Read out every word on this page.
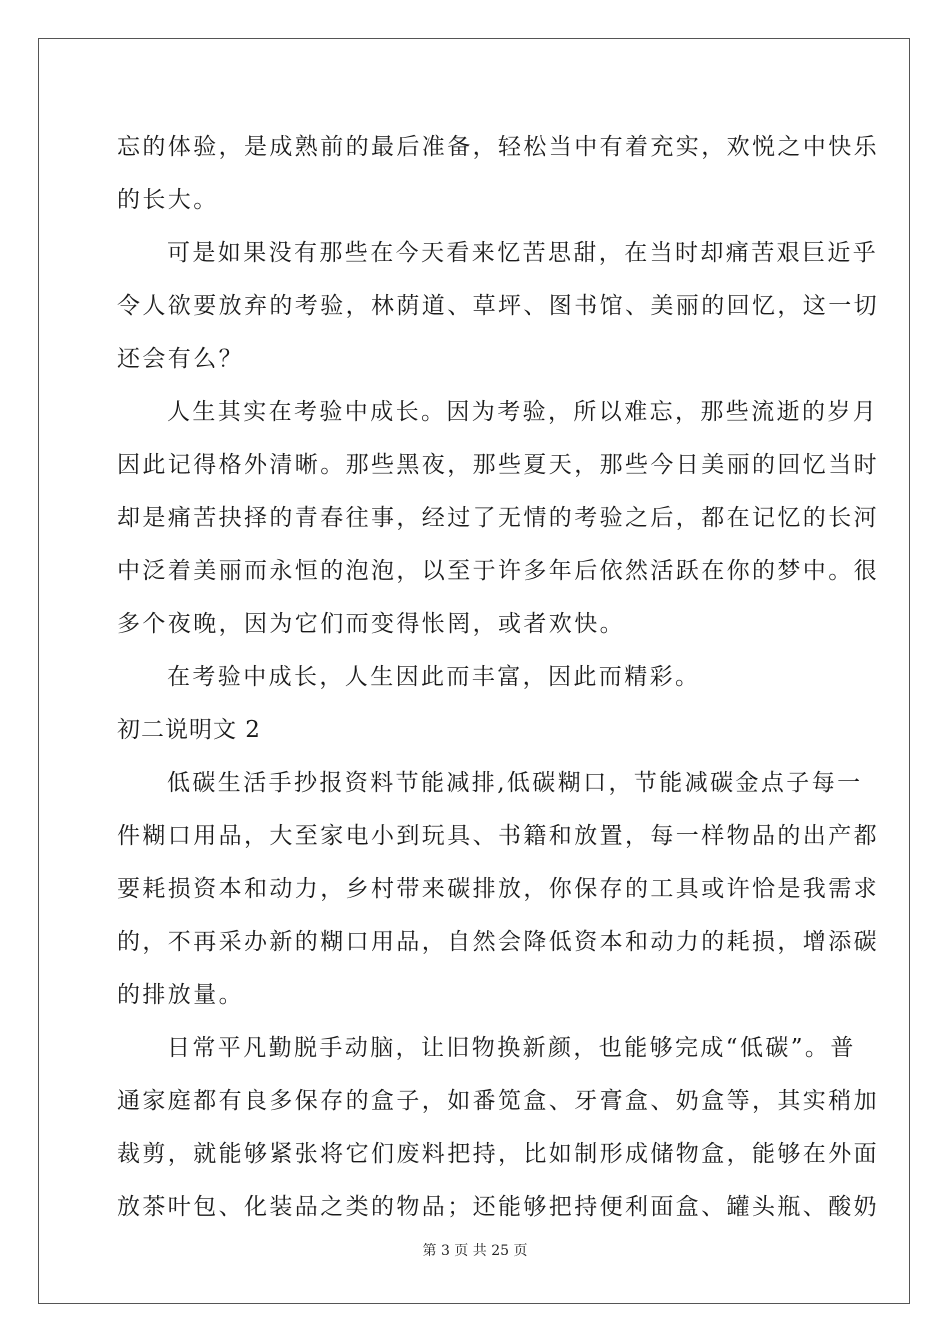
忘的体验，是成熟前的最后准备，轻松当中有着充实，欢悦之中快乐
的长大。
可是如果没有那些在今天看来忆苦思甜，在当时却痛苦艰巨近乎
令人欲要放弃的考验，林荫道、草坪、图书馆、美丽的回忆，这一切
还会有么？
人生其实在考验中成长。因为考验，所以难忘，那些流逝的岁月
因此记得格外清晰。那些黑夜，那些夏天，那些今日美丽的回忆当时
却是痛苦抉择的青春往事，经过了无情的考验之后，都在记忆的长河
中泛着美丽而永恒的泡泡，以至于许多年后依然活跃在你的梦中。很
多个夜晚，因为它们而变得怅罔，或者欢快。
在考验中成长，人生因此而丰富，因此而精彩。
初二说明文 2
低碳生活手抄报资料节能减排,低碳糊口，节能减碳金点子每一
件糊口用品，大至家电小到玩具、书籍和放置，每一样物品的出产都
要耗损资本和动力，乡村带来碳排放，你保存的工具或许恰是我需求
的，不再采办新的糊口用品，自然会降低资本和动力的耗损，增添碳
的排放量。
日常平凡勤脱手动脑，让旧物换新颜，也能够完成“低碳”。普
通家庭都有良多保存的盒子，如番笕盒、牙膏盒、奶盒等，其实稍加
裁剪，就能够紧张将它们废料把持，比如制形成储物盒，能够在外面
放茶叶包、化装品之类的物品；还能够把持便利面盒、罐头瓶、酸奶
第 3 页 共 25 页
